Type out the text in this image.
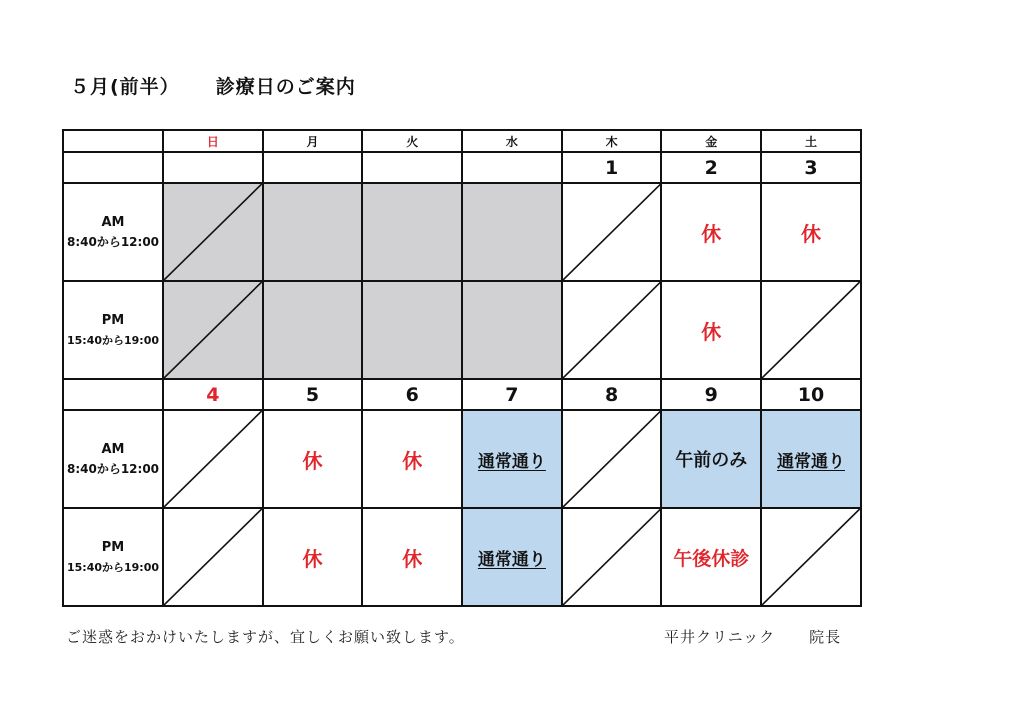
５月(前半） 診療日のご案内
	日	月	火	水	木	金	土
					1	2	3

AM
8:40から12:00						休	休

PM
15:40から19:00						休	

	4	5	6	7	8	9	10

AM
8:40から12:00		休	休	通常通り		午前のみ	通常通り

PM
15:40から19:00		休	休	通常通り		午後休診	
ご迷惑をおかけいたしますが、宜しくお願い致します。	平井クリニック 院長
